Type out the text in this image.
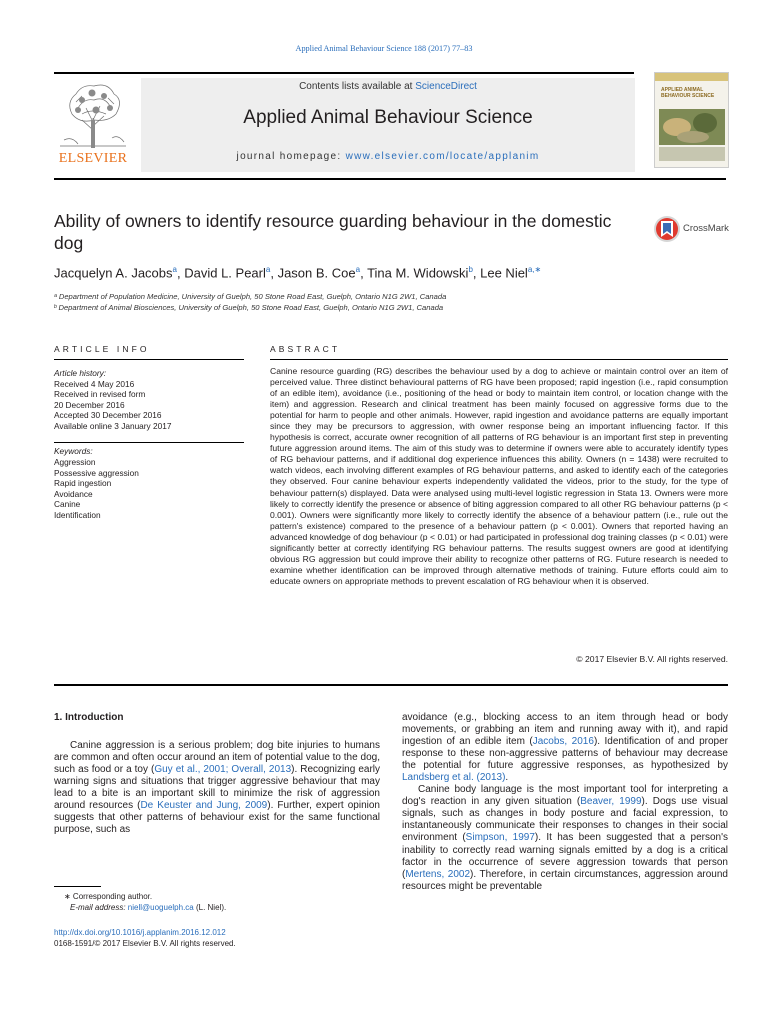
Applied Animal Behaviour Science 188 (2017) 77–83
ELSEVIER
Contents lists available at ScienceDirect
Applied Animal Behaviour Science
journal homepage: www.elsevier.com/locate/applanim
APPLIED ANIMAL BEHAVIOUR SCIENCE
Ability of owners to identify resource guarding behaviour in the domestic dog
CrossMark
Jacquelyn A. Jacobs$^a$, David L. Pearl$^a$, Jason B. Coe$^a$, Tina M. Widowski$^b$, Lee Niel$^{a,∗}$
ᵃ Department of Population Medicine, University of Guelph, 50 Stone Road East, Guelph, Ontario N1G 2W1, Canada
ᵇ Department of Animal Biosciences, University of Guelph, 50 Stone Road East, Guelph, Ontario N1G 2W1, Canada
ARTICLE INFO	ABSTRACT
Article history:
Received 4 May 2016
Received in revised form
20 December 2016
Accepted 30 December 2016
Available online 3 January 2017
Keywords:
Aggression
Possessive aggression
Rapid ingestion
Avoidance
Canine
Identification
Canine resource guarding (RG) describes the behaviour used by a dog to achieve or maintain control over an item of perceived value. Three distinct behavioural patterns of RG have been proposed; rapid ingestion (i.e., rapid consumption of an edible item), avoidance (i.e., positioning of the head or body to maintain item control, or location change with the item) and aggression. Research and clinical treatment has been mainly focused on aggressive forms due to the potential for harm to people and other animals. However, rapid ingestion and avoidance patterns are equally important since they may be precursors to aggression, with owner response being an important influencing factor. If this hypothesis is correct, accurate owner recognition of all patterns of RG behaviour is an important first step in preventing future aggression around items. The aim of this study was to determine if owners were able to accurately identify types of RG behaviour patterns, and if additional dog experience influences this ability. Owners (n = 1438) were recruited to watch videos, each involving different examples of RG behaviour patterns, and asked to identify each of the categories they observed. Four canine behaviour experts independently validated the videos, prior to the study, for the type of behaviour pattern(s) displayed. Data were analysed using multi-level logistic regression in Stata 13. Owners were more likely to correctly identify the presence or absence of biting aggression compared to all other RG behaviour patterns (p < 0.001). Owners were significantly more likely to correctly identify the absence of a behaviour pattern (i.e., rule out the pattern's existence) compared to the presence of a behaviour pattern (p < 0.001). Owners that reported having an advanced knowledge of dog behaviour (p < 0.01) or had participated in professional dog training classes (p < 0.01) were significantly better at correctly identifying RG behaviour patterns. The results suggest owners are good at identifying obvious RG aggression but could improve their ability to recognize other patterns of RG. Future research is needed to examine whether identification can be improved through alternative methods of training. Future efforts could aim to educate owners on appropriate methods to prevent escalation of RG behaviour when it is observed.
© 2017 Elsevier B.V. All rights reserved.
1. Introduction

Canine aggression is a serious problem; dog bite injuries to humans are common and often occur around an item of potential value to the dog, such as food or a toy (Guy et al., 2001; Overall, 2013). Recognizing early warning signs and situations that trigger aggressive behaviour that may lead to a bite is an important skill to minimize the risk of aggression around resources (De Keuster and Jung, 2009). Further, expert opinion suggests that other patterns of behaviour exist for the same functional purpose, such as

avoidance (e.g., blocking access to an item through head or body movements, or grabbing an item and running away with it), and rapid ingestion of an edible item (Jacobs, 2016). Identification of and proper response to these non-aggressive patterns of behaviour may decrease the potential for future aggressive responses, as hypothesized by Landsberg et al. (2013).

Canine body language is the most important tool for interpreting a dog's reaction in any given situation (Beaver, 1999). Dogs use visual signals, such as changes in body posture and facial expression, to instantaneously communicate their responses to changes in their social environment (Simpson, 1997). It has been suggested that a person's inability to correctly read warning signals emitted by a dog is a critical factor in the occurrence of severe aggression towards that person (Mertens, 2002). Therefore, in certain circumstances, aggression around resources might be preventable

∗ Corresponding author.
E-mail address: niell@uoguelph.ca (L. Niel).
http://dx.doi.org/10.1016/j.applanim.2016.12.012
0168-1591/© 2017 Elsevier B.V. All rights reserved.
